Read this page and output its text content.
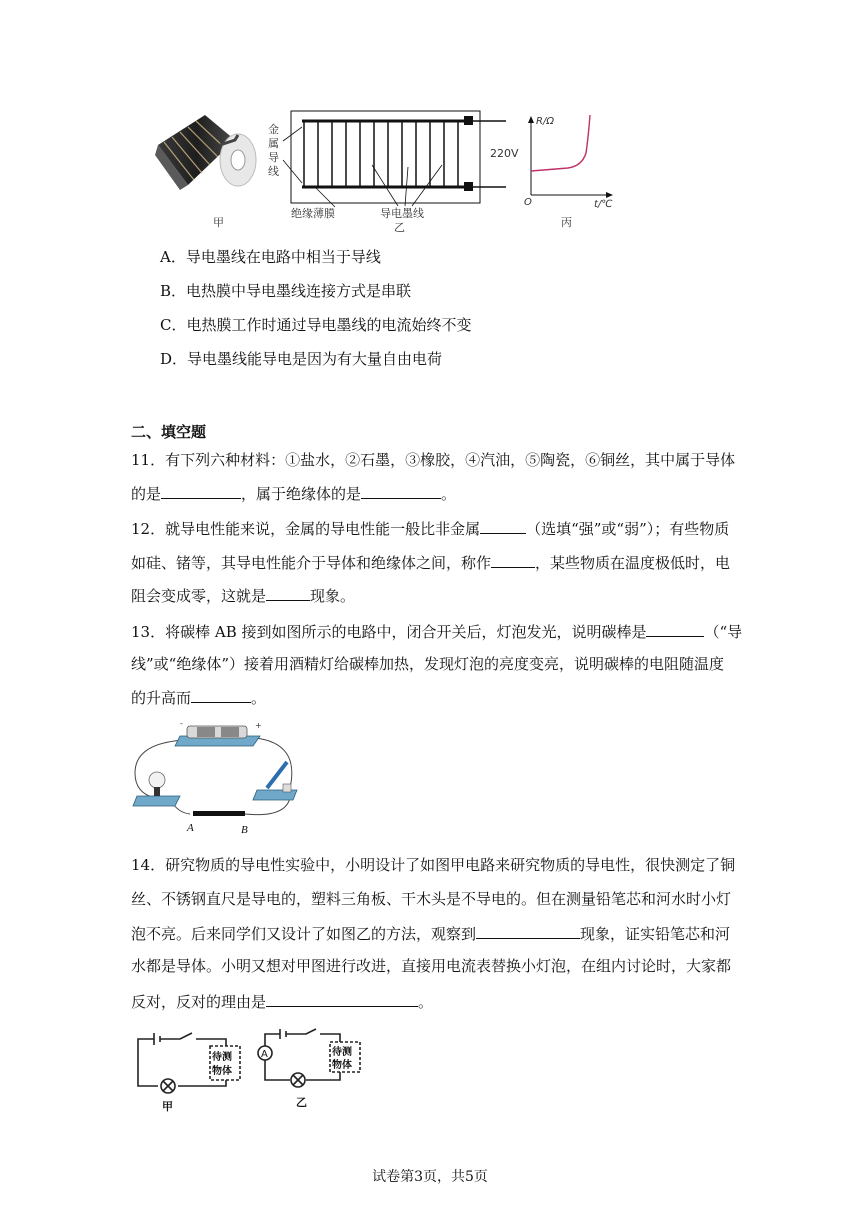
甲
金
属
导
线
220V
绝缘薄膜	导电墨线
乙
R/Ω
O	t/℃
丙
A．导电墨线在电路中相当于导线
B．电热膜中导电墨线连接方式是串联
C．电热膜工作时通过导电墨线的电流始终不变
D．导电墨线能导电是因为有大量自由电荷
二、填空题
11．有下列六种材料：①盐水，②石墨，③橡胶，④汽油，⑤陶瓷，⑥铜丝，其中属于导体
的是	，属于绝缘体的是	。
12．就导电性能来说，金属的导电性能一般比非金属	（选填“强”或“弱”）；有些物质
如硅、锗等，其导电性能介于导体和绝缘体之间，称作	，某些物质在温度极低时，电
阻会变成零，这就是	现象。
13．将碳棒 AB 接到如图所示的电路中，闭合开关后，灯泡发光，说明碳棒是	（“导
线”或“绝缘体”）接着用酒精灯给碳棒加热，发现灯泡的亮度变亮，说明碳棒的电阻随温度
的升高而	。
-	+
A	B
14．研究物质的导电性实验中，小明设计了如图甲电路来研究物质的导电性，很快测定了铜
丝、不锈钢直尺是导电的，塑料三角板、干木头是不导电的。但在测量铅笔芯和河水时小灯
泡不亮。后来同学们又设计了如图乙的方法，观察到	现象，证实铅笔芯和河
水都是导体。小明又想对甲图进行改进，直接用电流表替换小灯泡，在组内讨论时，大家都
反对，反对的理由是	。
待测
物体
甲
A	待测
物体
乙
试卷第3页，共5页
